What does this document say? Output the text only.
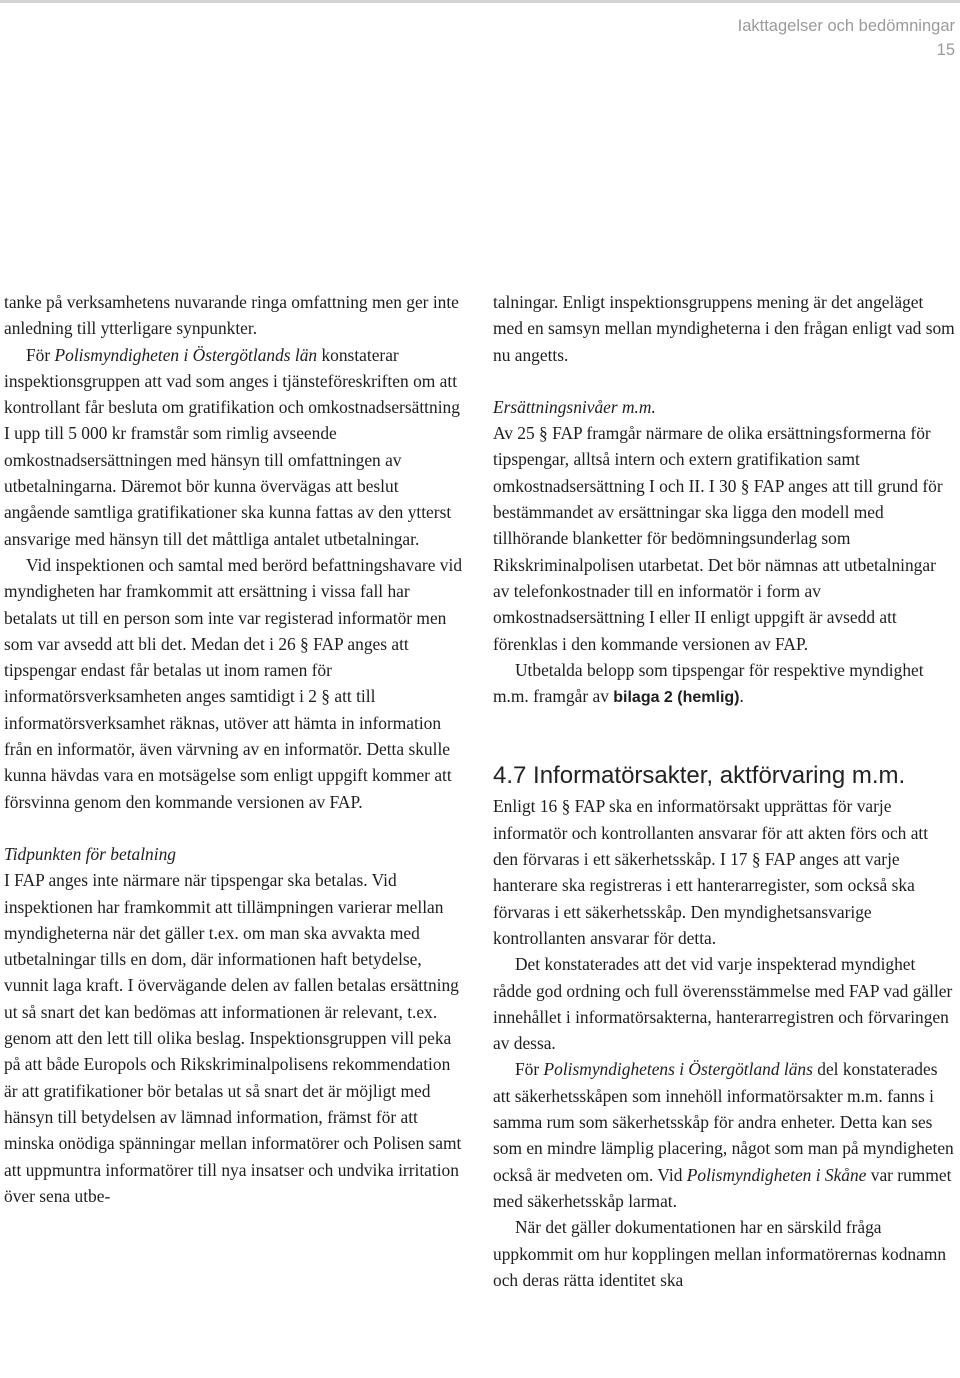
Iakttagelser och bedömningar
15

tanke på verksamhetens nuvarande ringa omfattning men ger inte anledning till ytterligare synpunkter.

För Polismyndigheten i Östergötlands län konstaterar inspektionsgruppen att vad som anges i tjänsteföreskriften om att kontrollant får besluta om gratifikation och omkostnadsersättning I upp till 5 000 kr framstår som rimlig avseende omkostnadsersättningen med hänsyn till omfattningen av utbetalningarna. Däremot bör kunna övervägas att beslut angående samtliga gratifikationer ska kunna fattas av den ytterst ansvarige med hänsyn till det måttliga antalet utbetalningar.

Vid inspektionen och samtal med berörd befattningshavare vid myndigheten har framkommit att ersättning i vissa fall har betalats ut till en person som inte var registerad informatör men som var avsedd att bli det. Medan det i 26 § FAP anges att tipspengar endast får betalas ut inom ramen för informatörsverksamheten anges samtidigt i 2 § att till informatörsverksamhet räknas, utöver att hämta in information från en informatör, även värvning av en informatör. Detta skulle kunna hävdas vara en motsägelse som enligt uppgift kommer att försvinna genom den kommande versionen av FAP.

Tidpunkten för betalning

I FAP anges inte närmare när tipspengar ska betalas. Vid inspektionen har framkommit att tillämpningen varierar mellan myndigheterna när det gäller t.ex. om man ska avvakta med utbetalningar tills en dom, där informationen haft betydelse, vunnit laga kraft. I övervägande delen av fallen betalas ersättning ut så snart det kan bedömas att informationen är relevant, t.ex. genom att den lett till olika beslag. Inspektionsgruppen vill peka på att både Europols och Rikskriminalpolisens rekommendation är att gratifikationer bör betalas ut så snart det är möjligt med hänsyn till betydelsen av lämnad information, främst för att minska onödiga spänningar mellan informatörer och Polisen samt att uppmuntra informatörer till nya insatser och undvika irritation över sena utbe-

talningar. Enligt inspektionsgruppens mening är det angeläget med en samsyn mellan myndigheterna i den frågan enligt vad som nu angetts.

Ersättningsnivåer m.m.

Av 25 § FAP framgår närmare de olika ersättningsformerna för tipspengar, alltså intern och extern gratifikation samt omkostnadsersättning I och II. I 30 § FAP anges att till grund för bestämmandet av ersättningar ska ligga den modell med tillhörande blanketter för bedömningsunderlag som Rikskriminalpolisen utarbetat. Det bör nämnas att utbetalningar av telefonkostnader till en informatör i form av omkostnadsersättning I eller II enligt uppgift är avsedd att förenklas i den kommande versionen av FAP.

Utbetalda belopp som tipspengar för respektive myndighet m.m. framgår av bilaga 2 (hemlig).

4.7 Informatörsakter, aktförvaring m.m.

Enligt 16 § FAP ska en informatörsakt upprättas för varje informatör och kontrollanten ansvarar för att akten förs och att den förvaras i ett säkerhetsskåp. I 17 § FAP anges att varje hanterare ska registreras i ett hanterarregister, som också ska förvaras i ett säkerhetsskåp. Den myndighetsansvarige kontrollanten ansvarar för detta.

Det konstaterades att det vid varje inspekterad myndighet rådde god ordning och full överensstämmelse med FAP vad gäller innehållet i informatörsakterna, hanterarregistren och förvaringen av dessa.

För Polismyndighetens i Östergötland läns del konstaterades att säkerhetsskåpen som innehöll informatörsakter m.m. fanns i samma rum som säkerhetsskåp för andra enheter. Detta kan ses som en mindre lämplig placering, något som man på myndigheten också är medveten om. Vid Polismyndigheten i Skåne var rummet med säkerhetsskåp larmat.

När det gäller dokumentationen har en särskild fråga uppkommit om hur kopplingen mellan informatörernas kodnamn och deras rätta identitet ska
